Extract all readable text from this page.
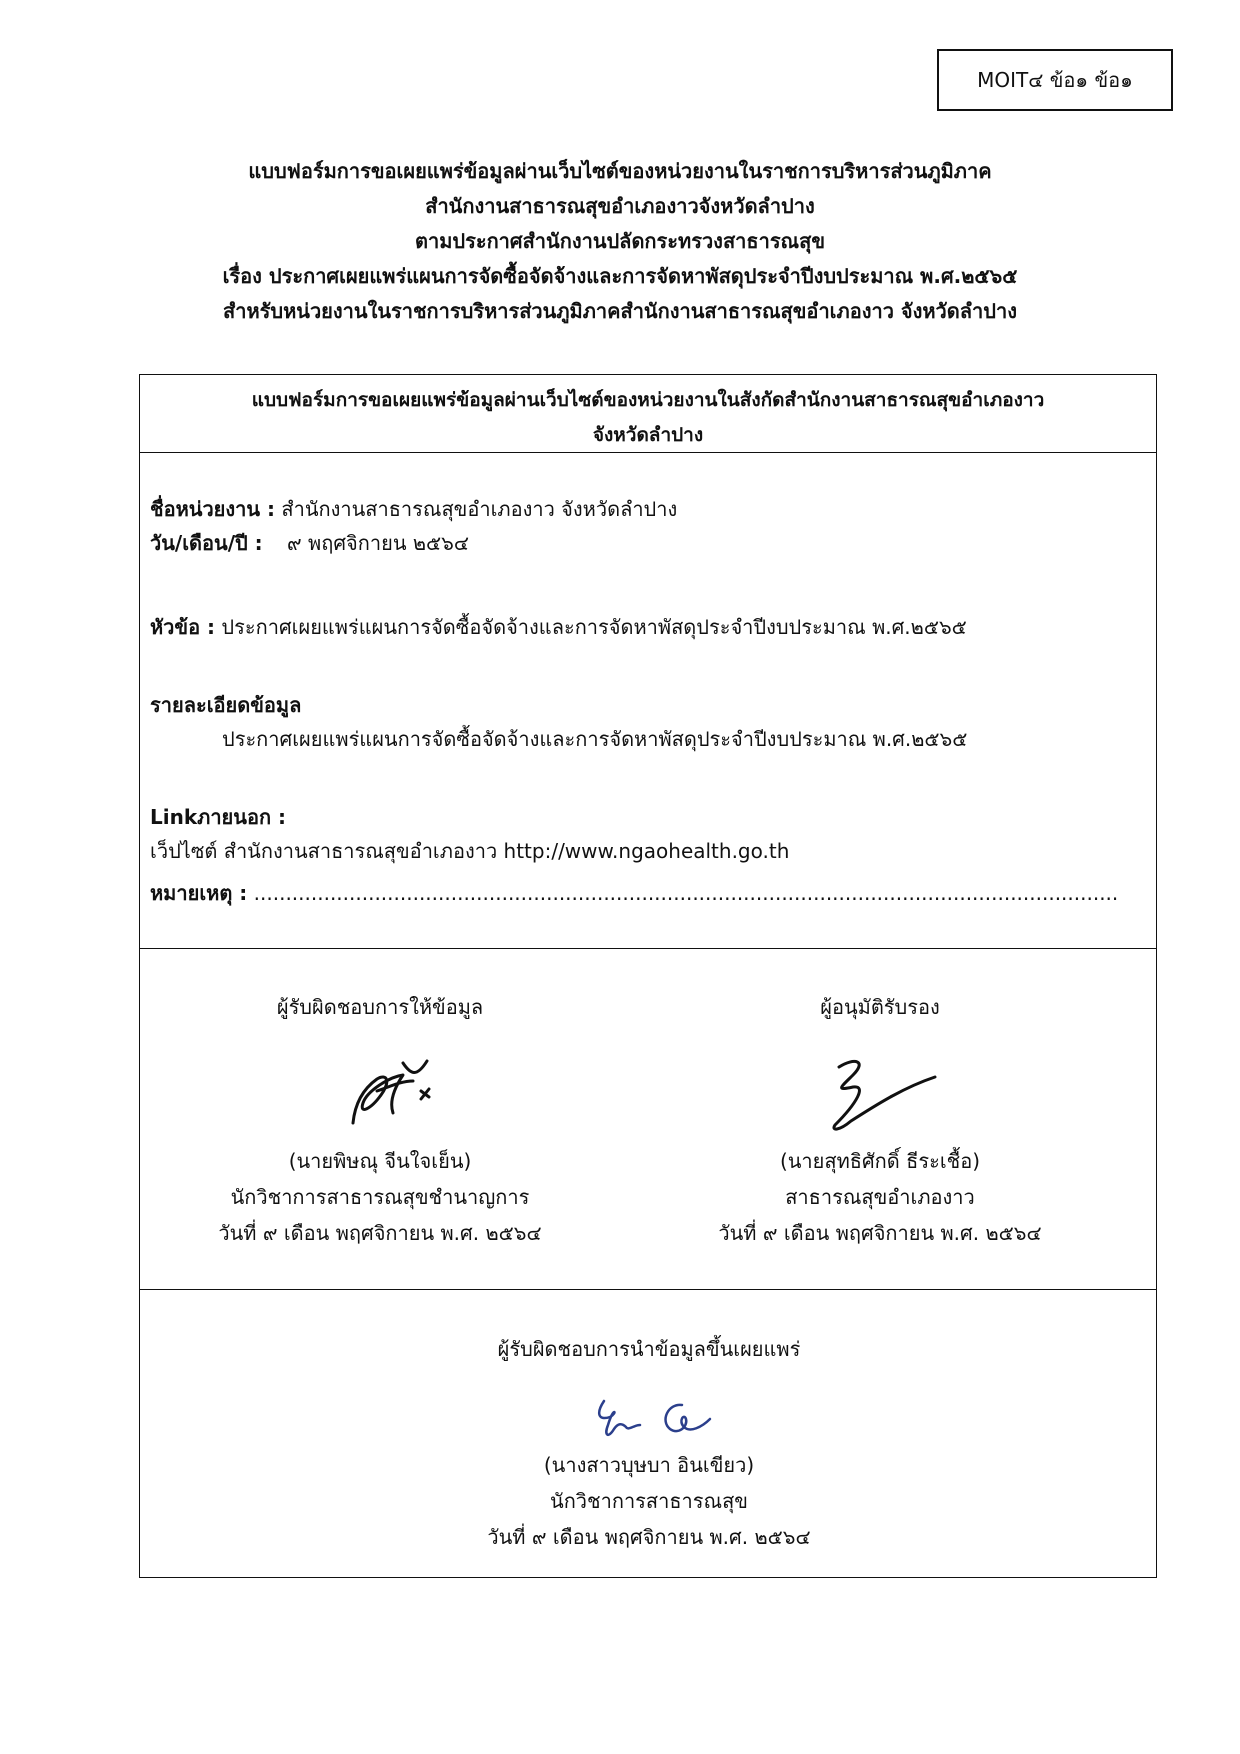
MOIT๔ ข้อ๑ ข้อ๑
แบบฟอร์มการขอเผยแพร่ข้อมูลผ่านเว็บไซต์ของหน่วยงานในราชการบริหารส่วนภูมิภาค
สำนักงานสาธารณสุขอำเภองาวจังหวัดลำปาง
ตามประกาศสำนักงานปลัดกระทรวงสาธารณสุข
เรื่อง ประกาศเผยแพร่แผนการจัดซื้อจัดจ้างและการจัดหาพัสดุประจำปีงบประมาณ พ.ศ.๒๕๖๕
สำหรับหน่วยงานในราชการบริหารส่วนภูมิภาคสำนักงานสาธารณสุขอำเภองาว จังหวัดลำปาง
แบบฟอร์มการขอเผยแพร่ข้อมูลผ่านเว็บไซต์ของหน่วยงานในสังกัดสำนักงานสาธารณสุขอำเภองาว
จังหวัดลำปาง
ชื่อหน่วยงาน : สำนักงานสาธารณสุขอำเภองาว จังหวัดลำปาง
วัน/เดือน/ปี : ๙ พฤศจิกายน ๒๕๖๔
หัวข้อ : ประกาศเผยแพร่แผนการจัดซื้อจัดจ้างและการจัดหาพัสดุประจำปีงบประมาณ พ.ศ.๒๕๖๕
รายละเอียดข้อมูล
ประกาศเผยแพร่แผนการจัดซื้อจัดจ้างและการจัดหาพัสดุประจำปีงบประมาณ พ.ศ.๒๕๖๕
Linkภายนอก :
เว็ปไซต์ สำนักงานสาธารณสุขอำเภองาว http://www.ngaohealth.go.th
หมายเหตุ : ........................................................................................................................................
ผู้รับผิดชอบการให้ข้อมูล
(นายพิษณุ จีนใจเย็น)
นักวิชาการสาธารณสุขชำนาญการ
วันที่ ๙ เดือน พฤศจิกายน พ.ศ. ๒๕๖๔
ผู้อนุมัติรับรอง
(นายสุทธิศักดิ์ ธีระเชื้อ)
สาธารณสุขอำเภองาว
วันที่ ๙ เดือน พฤศจิกายน พ.ศ. ๒๕๖๔
ผู้รับผิดชอบการนำข้อมูลขึ้นเผยแพร่
(นางสาวบุษบา อินเขียว)
นักวิชาการสาธารณสุข
วันที่ ๙ เดือน พฤศจิกายน พ.ศ. ๒๕๖๔
